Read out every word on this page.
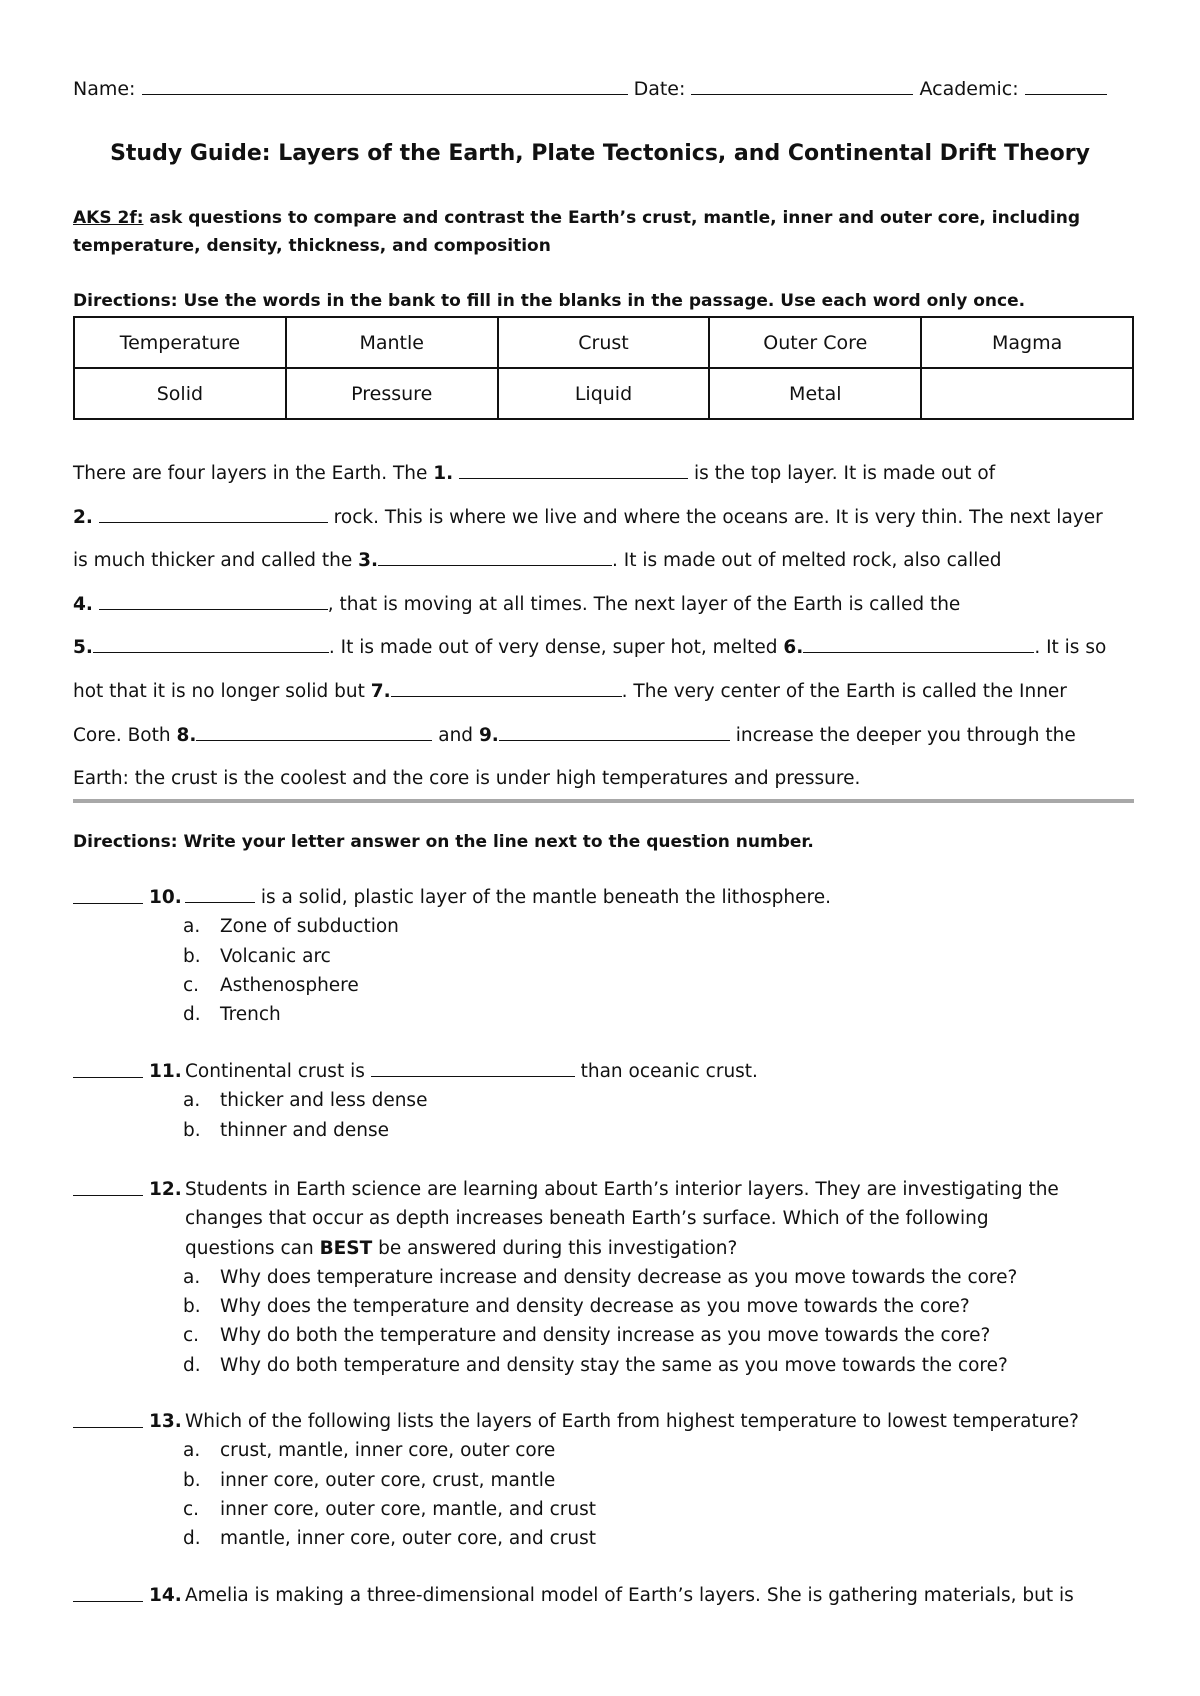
Name:	Date:	Academic:
Study Guide: Layers of the Earth, Plate Tectonics, and Continental Drift Theory
AKS 2f: ask questions to compare and contrast the Earth’s crust, mantle, inner and outer core, including temperature, density, thickness, and composition
Directions: Use the words in the bank to fill in the blanks in the passage. Use each word only once.
Temperature	Mantle	Crust	Outer Core	Magma
Solid	Pressure	Liquid	Metal	
There are four layers in the Earth. The 1.	is the top layer. It is made out of
2.	rock. This is where we live and where the oceans are. It is very thin. The next layer
is much thicker and called the 3.	. It is made out of melted rock, also called
4.	, that is moving at all times. The next layer of the Earth is called the
5.	. It is made out of very dense, super hot, melted 6.	. It is so
hot that it is no longer solid but 7.	. The very center of the Earth is called the Inner
Core. Both 8.	and 9.	increase the deeper you through the
Earth: the crust is the coolest and the core is under high temperatures and pressure.
Directions: Write your letter answer on the line next to the question number.
10.	is a solid, plastic layer of the mantle beneath the lithosphere.
a. Zone of subduction
b. Volcanic arc
c. Asthenosphere
d. Trench
11. Continental crust is	than oceanic crust.
a. thicker and less dense
b. thinner and dense
12. Students in Earth science are learning about Earth’s interior layers. They are investigating the
changes that occur as depth increases beneath Earth’s surface. Which of the following
questions can BEST be answered during this investigation?
a. Why does temperature increase and density decrease as you move towards the core?
b. Why does the temperature and density decrease as you move towards the core?
c. Why do both the temperature and density increase as you move towards the core?
d. Why do both temperature and density stay the same as you move towards the core?
13. Which of the following lists the layers of Earth from highest temperature to lowest temperature?
a. crust, mantle, inner core, outer core
b. inner core, outer core, crust, mantle
c. inner core, outer core, mantle, and crust
d. mantle, inner core, outer core, and crust
14. Amelia is making a three-dimensional model of Earth’s layers. She is gathering materials, but is
